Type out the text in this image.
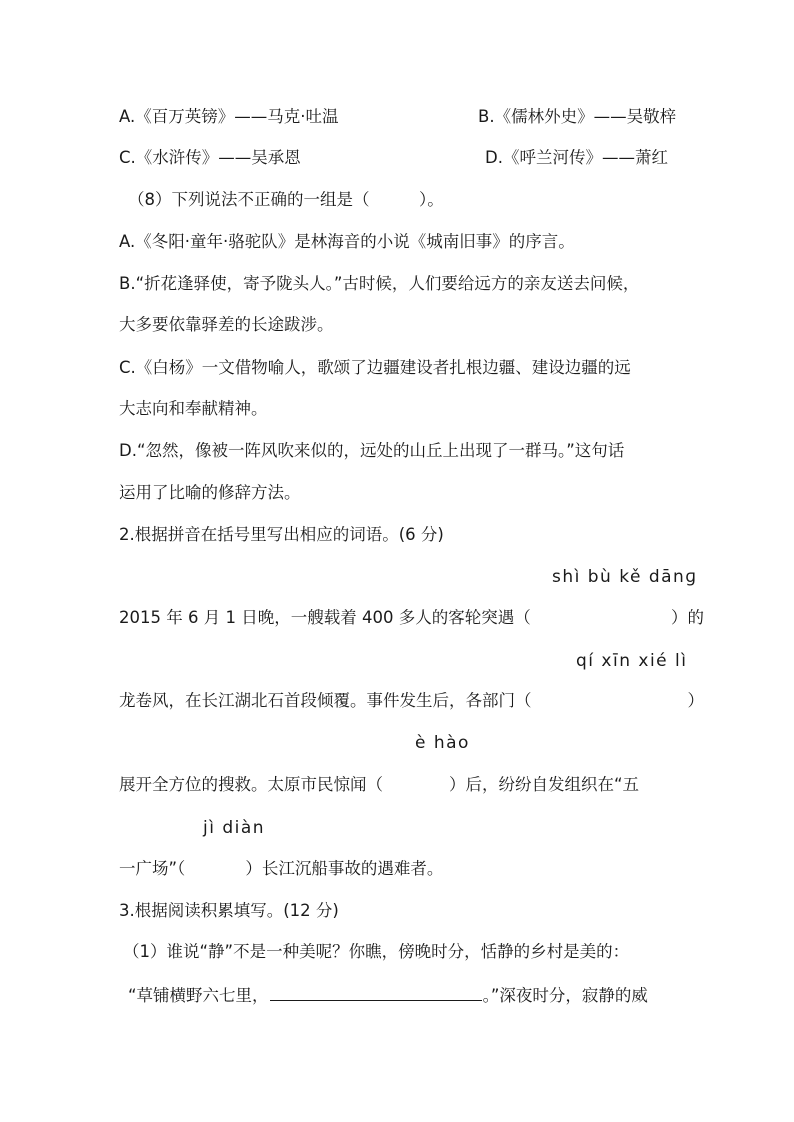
A.《百万英镑》——马克·吐温	B.《儒林外史》——吴敬梓
C.《水浒传》——吴承恩	D.《呼兰河传》——萧红
（8）下列说法不正确的一组是（　　　）。
A.《冬阳·童年·骆驼队》是林海音的小说《城南旧事》的序言。
B.“折花逢驿使，寄予陇头人。”古时候，人们要给远方的亲友送去问候，
大多要依靠驿差的长途跋涉。
C.《白杨》一文借物喻人，歌颂了边疆建设者扎根边疆、建设边疆的远
大志向和奉献精神。
D.“忽然，像被一阵风吹来似的，远处的山丘上出现了一群马。”这句话
运用了比喻的修辞方法。
2.根据拼音在括号里写出相应的词语。(6 分)
shì bù kě dānɡ
2015 年 6 月 1 日晚，一艘载着 400 多人的客轮突遇（	）的
qí xīn xié lì
龙卷风，在长江湖北石首段倾覆。事件发生后，各部门（	）
è hào
展开全方位的搜救。太原市民惊闻（	）后，纷纷自发组织在“五
jì diàn
一广场”（	）长江沉船事故的遇难者。
3.根据阅读积累填写。(12 分)
（1）谁说“静”不是一种美呢？你瞧，傍晚时分，恬静的乡村是美的：
“草铺横野六七里，	。”深夜时分，寂静的威
